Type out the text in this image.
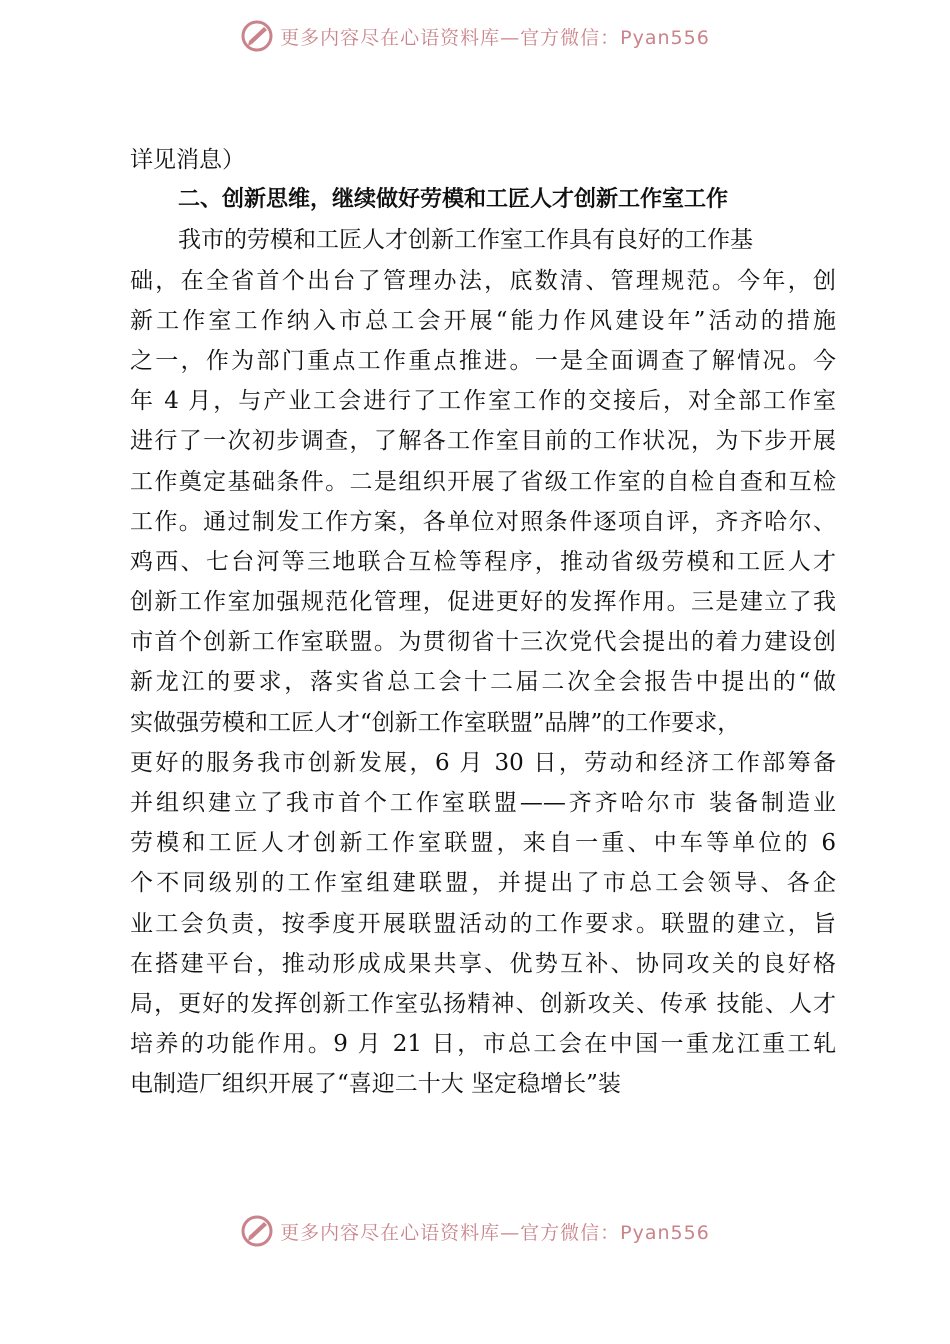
更多内容尽在心语资料库— 官方微信：Pyan556
详见消息）
二、创新思维，继续做好劳模和工匠人才创新工作室工作
我市的劳模和工匠人才创新工作室工作具有良好的工作基
础，在全省首个出台了管理办法，底数清、管理规范。今年，创
新工作室工作纳入市总工会开展“能力作风建设年”活动的措施
之一，作为部门重点工作重点推进。一是全面调查了解情况。今
年 4 月，与产业工会进行了工作室工作的交接后，对全部工作室
进行了一次初步调查，了解各工作室目前的工作状况，为下步开展
工作奠定基础条件。二是组织开展了省级工作室的自检自查和互检
工作。通过制发工作方案，各单位对照条件逐项自评，齐齐哈尔、
鸡西、七台河等三地联合互检等程序，推动省级劳模和工匠人才
创新工作室加强规范化管理，促进更好的发挥作用。三是建立了我
市首个创新工作室联盟。为贯彻省十三次党代会提出的着力建设创
新龙江的要求，落实省总工会十二届二次全会报告中提出的“做
实做强劳模和工匠人才“创新工作室联盟”品牌”的工作要求，
更好的服务我市创新发展，6 月 30 日，劳动和经济工作部筹备
并组织建立了我市首个工作室联盟——齐齐哈尔市 装备制造业
劳模和工匠人才创新工作室联盟，来自一重、中车等单位的 6
个不同级别的工作室组建联盟，并提出了市总工会领导、各企
业工会负责，按季度开展联盟活动的工作要求。联盟的建立，旨
在搭建平台，推动形成成果共享、优势互补、协同攻关的良好格
局，更好的发挥创新工作室弘扬精神、创新攻关、传承 技能、人才
培养的功能作用。9 月 21 日，市总工会在中国一重龙江重工轧
电制造厂组织开展了“喜迎二十大 坚定稳增长”装
更多内容尽在心语资料库— 官方微信：Pyan556
